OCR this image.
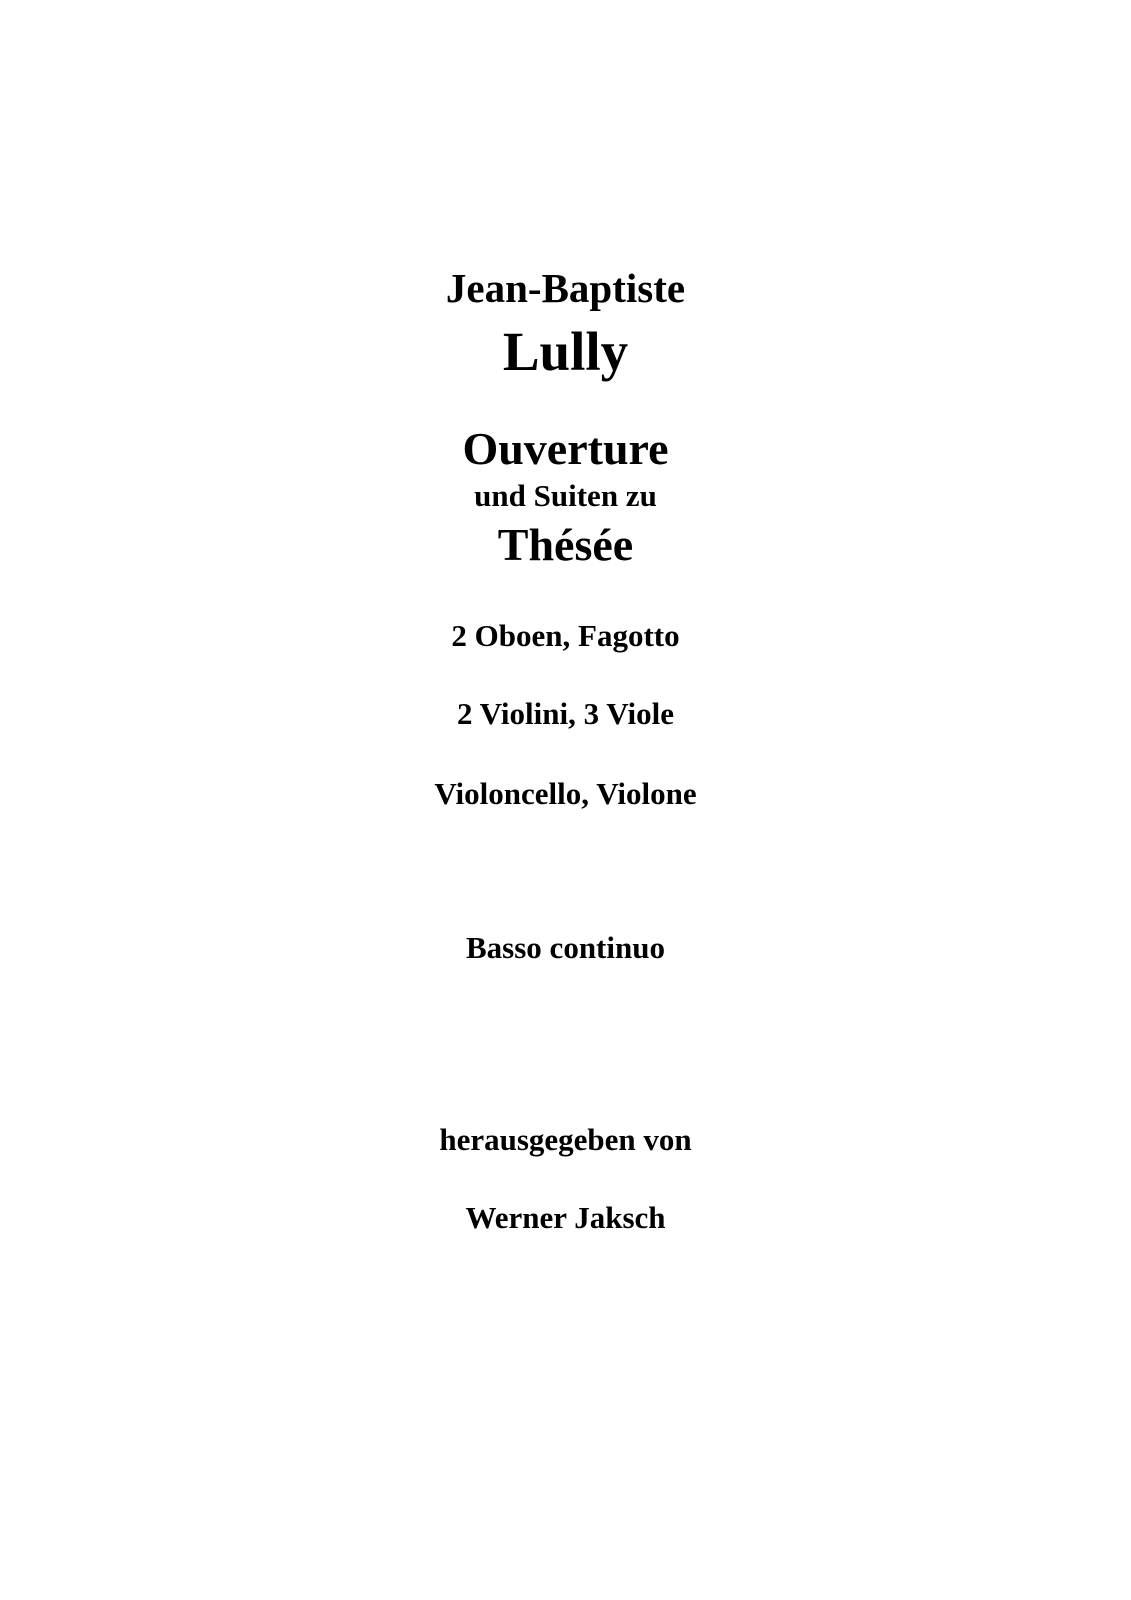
Jean-Baptiste
Lully
Ouverture
und Suiten zu
Thésée
2 Oboen, Fagotto
2 Violini, 3 Viole
Violoncello, Violone
Basso continuo
herausgegeben von
Werner Jaksch
